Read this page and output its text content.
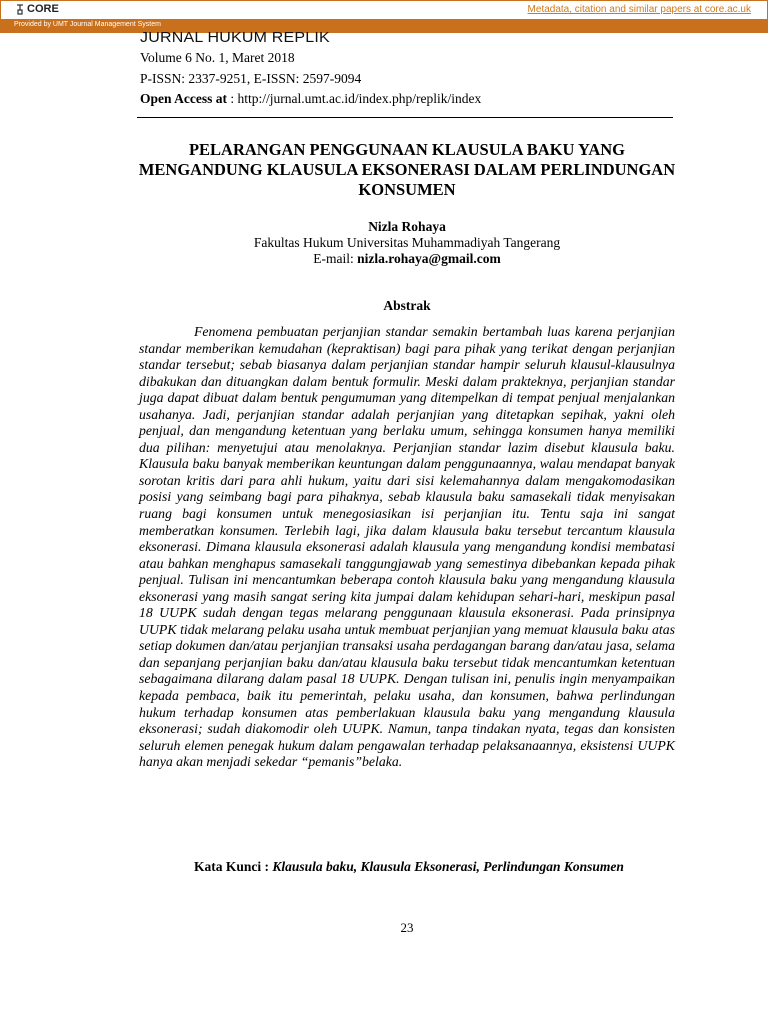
CORE	Metadata, citation and similar papers at core.ac.uk
Provided by UMT Journal Management System
JURNAL HUKUM REPLIK
Volume 6 No. 1, Maret 2018
P-ISSN: 2337-9251, E-ISSN: 2597-9094
Open Access at : http://jurnal.umt.ac.id/index.php/replik/index
PELARANGAN PENGGUNAAN KLAUSULA BAKU YANG MENGANDUNG KLAUSULA EKSONERASI DALAM PERLINDUNGAN KONSUMEN
Nizla Rohaya
Fakultas Hukum Universitas Muhammadiyah Tangerang
E-mail: nizla.rohaya@gmail.com
Abstrak

Fenomena pembuatan perjanjian standar semakin bertambah luas karena perjanjian standar memberikan kemudahan (kepraktisan) bagi para pihak yang terikat dengan perjanjian standar tersebut; sebab biasanya dalam perjanjian standar hampir seluruh klausul-klausulnya dibakukan dan dituangkan dalam bentuk formulir. Meski dalam prakteknya, perjanjian standar juga dapat dibuat dalam bentuk pengumuman yang ditempelkan di tempat penjual menjalankan usahanya. Jadi, perjanjian standar adalah perjanjian yang ditetapkan sepihak, yakni oleh penjual, dan mengandung ketentuan yang berlaku umum, sehingga konsumen hanya memiliki dua pilihan: menyetujui atau menolaknya. Perjanjian standar lazim disebut klausula baku. Klausula baku banyak memberikan keuntungan dalam penggunaannya, walau mendapat banyak sorotan kritis dari para ahli hukum, yaitu dari sisi kelemahannya dalam mengakomodasikan posisi yang seimbang bagi para pihaknya, sebab klausula baku samasekali tidak menyisakan ruang bagi konsumen untuk menegosiasikan isi perjanjian itu. Tentu saja ini sangat memberatkan konsumen. Terlebih lagi, jika dalam klausula baku tersebut tercantum klausula eksonerasi. Dimana klausula eksonerasi adalah klausula yang mengandung kondisi membatasi atau bahkan menghapus samasekali tanggungjawab yang semestinya dibebankan kepada pihak penjual. Tulisan ini mencantumkan beberapa contoh klausula baku yang mengandung klausula eksonerasi yang masih sangat sering kita jumpai dalam kehidupan sehari-hari, meskipun pasal 18 UUPK sudah dengan tegas melarang penggunaan klausula eksonerasi. Pada prinsipnya UUPK tidak melarang pelaku usaha untuk membuat perjanjian yang memuat klausula baku atas setiap dokumen dan/atau perjanjian transaksi usaha perdagangan barang dan/atau jasa, selama dan sepanjang perjanjian baku dan/atau klausula baku tersebut tidak mencantumkan ketentuan sebagaimana dilarang dalam pasal 18 UUPK. Dengan tulisan ini, penulis ingin menyampaikan kepada pembaca, baik itu pemerintah, pelaku usaha, dan konsumen, bahwa perlindungan hukum terhadap konsumen atas pemberlakuan klausula baku yang mengandung klausula eksonerasi; sudah diakomodir oleh UUPK. Namun, tanpa tindakan nyata, tegas dan konsisten seluruh elemen penegak hukum dalam pengawalan terhadap pelaksanaannya, eksistensi UUPK hanya akan menjadi sekedar “pemanis”belaka.

Kata Kunci : Klausula baku, Klausula Eksonerasi, Perlindungan Konsumen

23
